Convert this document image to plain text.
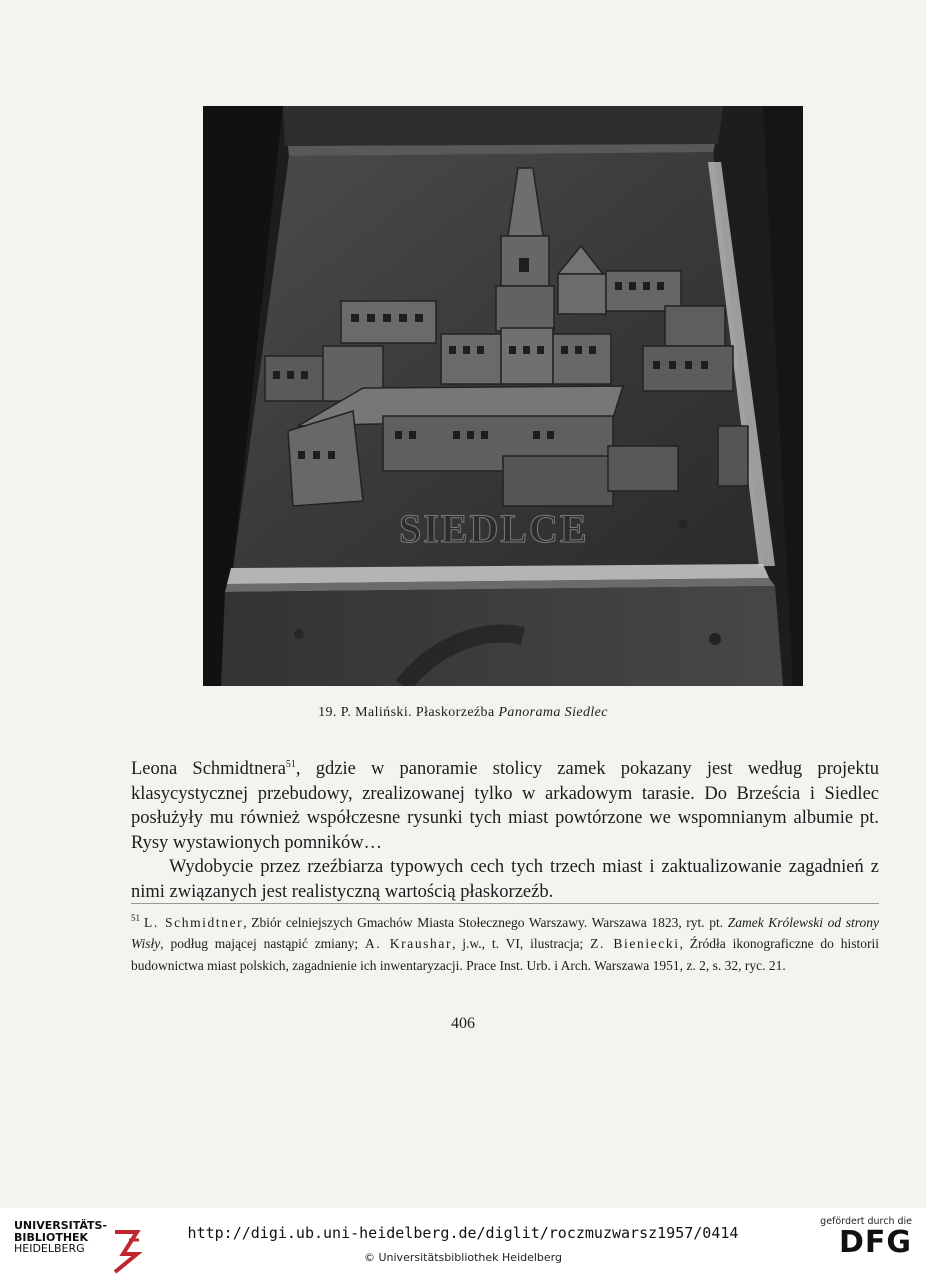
SIEDLCE
19. P. Maliński. Płaskorzeźba Panorama Siedlec

Leona Schmidtnera$^{51}$, gdzie w panoramie stolicy zamek pokazany jest według projektu klasycystycznej przebudowy, zrealizowanej tylko w arkadowym tarasie. Do Brześcia i Siedlec posłużyły mu również współczesne rysunki tych miast powtórzone we wspomnianym albumie pt. Rysy wystawionych pomników…

Wydobycie przez rzeźbiarza typowych cech tych trzech miast i zaktualizowanie zagadnień z nimi związanych jest realistyczną wartością płaskorzeźb.

$^{51}$ L. Schmidtner, Zbiór celniejszych Gmachów Miasta Stołecznego Warszawy. Warszawa 1823, ryt. pt. Zamek Królewski od strony Wisły, podług mającej nastąpić zmiany; A. Kraushar, j.w., t. VI, ilustracja; Z. Bieniecki, Źródła ikonograficzne do historii budownictwa miast polskich, zagadnienie ich inwentaryzacji. Prace Inst. Urb. i Arch. Warszawa 1951, z. 2, s. 32, ryc. 21.
406
UNIVERSITÄTS-
BIBLIOTHEK
HEIDELBERG
http://digi.ub.uni-heidelberg.de/diglit/roczmuzwarsz1957/0414
© Universitätsbibliothek Heidelberg
gefördert durch die
DFG
